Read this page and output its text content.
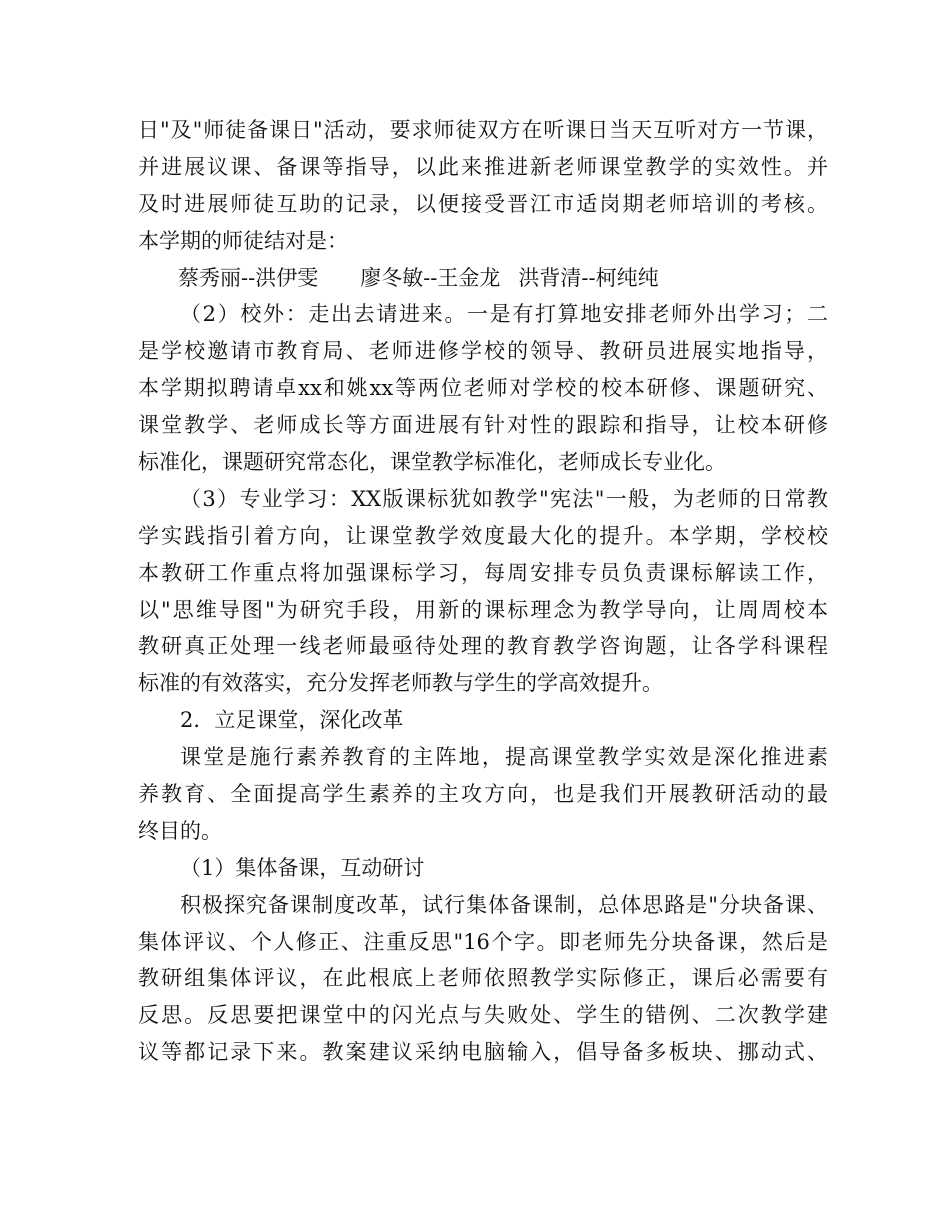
日"及"师徒备课日"活动，要求师徒双方在听课日当天互听对方一节课，
并进展议课、备课等指导，以此来推进新老师课堂教学的实效性。并
及时进展师徒互助的记录，以便接受晋江市适岗期老师培训的考核。
本学期的师徒结对是：
蔡秀丽--洪伊雯 廖冬敏--王金龙 洪背清--柯纯纯
（2）校外：走出去请进来。一是有打算地安排老师外出学习；二
是学校邀请市教育局、老师进修学校的领导、教研员进展实地指导，
本学期拟聘请卓xx和姚xx等两位老师对学校的校本研修、课题研究、
课堂教学、老师成长等方面进展有针对性的跟踪和指导，让校本研修
标准化，课题研究常态化，课堂教学标准化，老师成长专业化。
（3）专业学习：XX版课标犹如教学"宪法"一般，为老师的日常教
学实践指引着方向，让课堂教学效度最大化的提升。本学期，学校校
本教研工作重点将加强课标学习，每周安排专员负责课标解读工作，
以"思维导图"为研究手段，用新的课标理念为教学导向，让周周校本
教研真正处理一线老师最亟待处理的教育教学咨询题，让各学科课程
标准的有效落实，充分发挥老师教与学生的学高效提升。
2．立足课堂，深化改革
课堂是施行素养教育的主阵地，提高课堂教学实效是深化推进素
养教育、全面提高学生素养的主攻方向，也是我们开展教研活动的最
终目的。
（1）集体备课，互动研讨
积极探究备课制度改革，试行集体备课制，总体思路是"分块备课、
集体评议、个人修正、注重反思"16个字。即老师先分块备课，然后是
教研组集体评议，在此根底上老师依照教学实际修正，课后必需要有
反思。反思要把课堂中的闪光点与失败处、学生的错例、二次教学建
议等都记录下来。教案建议采纳电脑输入，倡导备多板块、挪动式、
